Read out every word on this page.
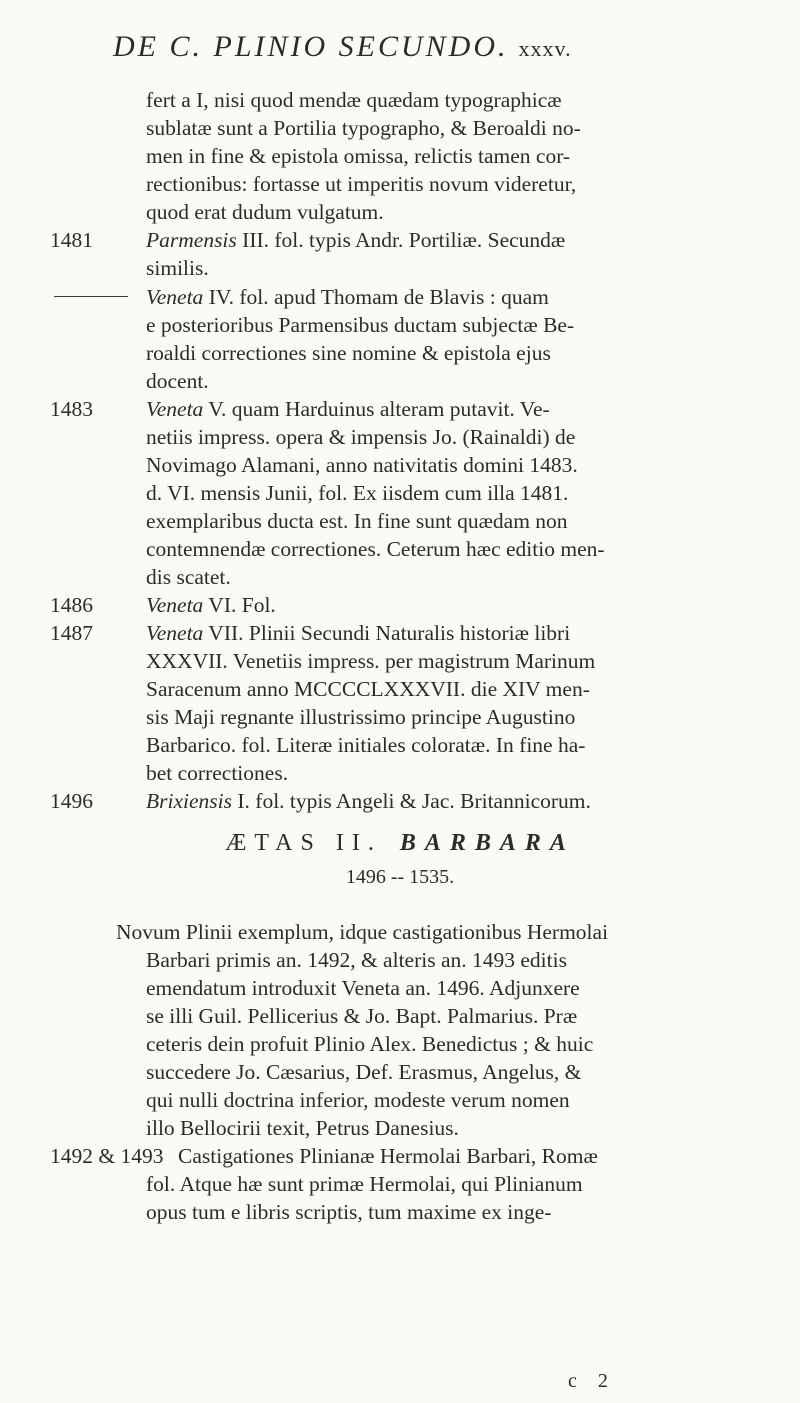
DE C. PLINIO SECUNDO. xxxv.
fert a I, nisi quod mendæ quædam typographicæ
sublatæ sunt a Portilia typographo, & Beroaldi no-
men in fine & epistola omissa, relictis tamen cor-
rectionibus: fortasse ut imperitis novum videretur,
quod erat dudum vulgatum.
1481 Parmensis III. fol. typis Andr. Portiliæ. Secundæ
similis.
Veneta IV. fol. apud Thomam de Blavis : quam
e posterioribus Parmensibus ductam subjectæ Be-
roaldi correctiones sine nomine & epistola ejus
docent.
1483 Veneta V. quam Harduinus alteram putavit. Ve-
netiis impress. opera & impensis Jo. (Rainaldi) de
Novimago Alamani, anno nativitatis domini 1483.
d. VI. mensis Junii, fol. Ex iisdem cum illa 1481.
exemplaribus ducta est. In fine sunt quædam non
contemnendæ correctiones. Ceterum hæc editio men-
dis scatet.
1486 Veneta VI. Fol.
1487 Veneta VII. Plinii Secundi Naturalis historiæ libri
XXXVII. Venetiis impress. per magistrum Marinum
Saracenum anno MCCCCLXXXVII. die XIV men-
sis Maji regnante illustrissimo principe Augustino
Barbarico. fol. Literæ initiales coloratæ. In fine ha-
bet correctiones.
1496 Brixiensis I. fol. typis Angeli & Jac. Britannicorum.
ÆTAS II. BARBARA
1496 -- 1535.
Novum Plinii exemplum, idque castigationibus Hermolai
Barbari primis an. 1492, & alteris an. 1493 editis
emendatum introduxit Veneta an. 1496. Adjunxere
se illi Guil. Pellicerius & Jo. Bapt. Palmarius. Præ
ceteris dein profuit Plinio Alex. Benedictus ; & huic
succedere Jo. Cæsarius, Def. Erasmus, Angelus, &
qui nulli doctrina inferior, modeste verum nomen
illo Bellocirii texit, Petrus Danesius.
1492 & 1493 Castigationes Plinianæ Hermolai Barbari, Romæ
fol. Atque hæ sunt primæ Hermolai, qui Plinianum
opus tum e libris scriptis, tum maxime ex inge-
c 2
